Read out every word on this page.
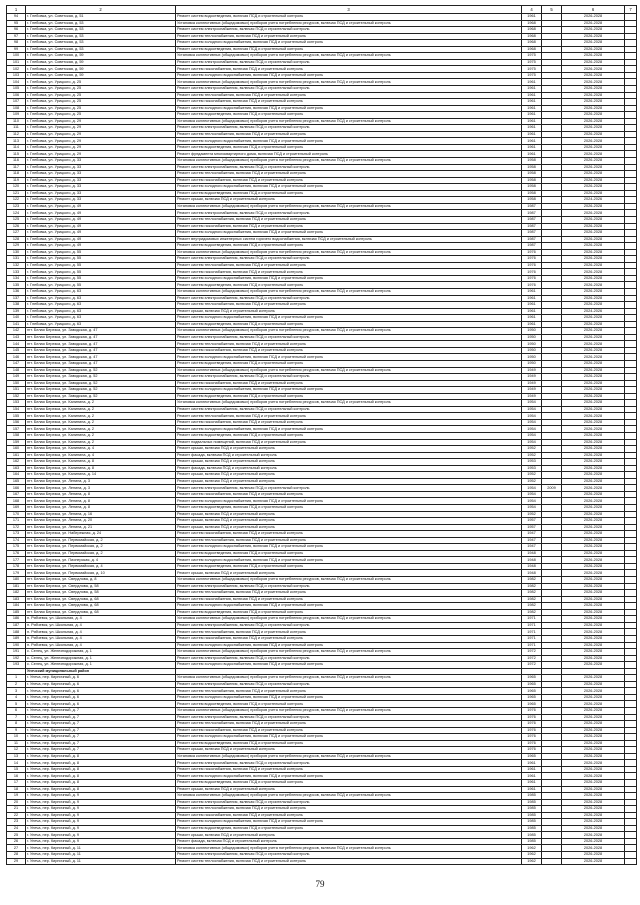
1	2	3	4	5	6	7
94	г. Глебовка, ул. Советская, д. 51	Ремонт систем водоотведения, включая ПСД и строительный контроль	1961		2026-2028	
95	г. Глебовка, ул. Советская, д. 53	Установка коллективных (общедомовых) приборов учета потребления ресурсов, включая ПСД и строительный контроль	1968		2026-2028	
96	г. Глебовка, ул. Советская, д. 53	Ремонт систем электроснабжения, включая ПСД и строительный контроль	1968		2026-2028	
97	г. Глебовка, ул. Советская, д. 53	Ремонт систем теплоснабжения, включая ПСД и строительный контроль	1968		2026-2028	
98	г. Глебовка, ул. Советская, д. 53	Ремонт систем холодного водоснабжения, включая ПСД и строительный контроль	1968		2026-2028	
99	г. Глебовка, ул. Советская, д. 53	Ремонт систем водоотведения, включая ПСД и строительный контроль	1968		2026-2028	
100	г. Глебовка, ул. Советская, д. 59	Установка коллективных (общедомовых) приборов учета потребления ресурсов, включая ПСД и строительный контроль	1975		2026-2028	
101	г. Глебовка, ул. Советская, д. 59	Ремонт систем электроснабжения, включая ПСД и строительный контроль	1975		2026-2028	
102	г. Глебовка, ул. Советская, д. 59	Ремонт систем газоснабжения, включая ПСД и строительный контроль	1975		2026-2028	
103	г. Глебовка, ул. Советская, д. 59	Ремонт систем холодного водоснабжения, включая ПСД и строительный контроль	1975		2026-2028	
104	г. Глебовка, ул. Урицкого, д. 25	Установка коллективных (общедомовых) приборов учета потребления ресурсов, включая ПСД и строительный контроль	1961		2026-2028	
105	г. Глебовка, ул. Урицкого, д. 25	Ремонт систем электроснабжения, включая ПСД и строительный контроль	1961		2026-2028	
106	г. Глебовка, ул. Урицкого, д. 25	Ремонт систем теплоснабжения, включая ПСД и строительный контроль	1961		2026-2028	
107	г. Глебовка, ул. Урицкого, д. 25	Ремонт систем газоснабжения, включая ПСД и строительный контроль	1961		2026-2028	
108	г. Глебовка, ул. Урицкого, д. 25	Ремонт систем холодного водоснабжения, включая ПСД и строительный контроль	1961		2026-2028	
109	г. Глебовка, ул. Урицкого, д. 25	Ремонт систем водоотведения, включая ПСД и строительный контроль	1961		2026-2028	
110	г. Глебовка, ул. Урицкого, д. 29	Установка коллективных (общедомовых) приборов учета потребления ресурсов, включая ПСД и строительный контроль	1961		2026-2028	
111	г. Глебовка, ул. Урицкого, д. 29	Ремонт систем электроснабжения, включая ПСД и строительный контроль	1961		2026-2028	
112	г. Глебовка, ул. Урицкого, д. 29	Ремонт систем теплоснабжения, включая ПСД и строительный контроль	1961		2026-2028	
113	г. Глебовка, ул. Урицкого, д. 29	Ремонт систем холодного водоснабжения, включая ПСД и строительный контроль	1961		2026-2028	
114	г. Глебовка, ул. Урицкого, д. 29	Ремонт систем водоотведения, включая ПСД и строительный контроль	1961		2026-2028	
115	г. Глебовка, ул. Урицкого, д. 29	Ремонт фундамента многоквартирного дома, включая ПСД и строительный контроль	1961		2026-2028	
116	г. Глебовка, ул. Урицкого, д. 33	Установка коллективных (общедомовых) приборов учета потребления ресурсов, включая ПСД и строительный контроль	1958		2026-2028	
117	г. Глебовка, ул. Урицкого, д. 33	Ремонт систем электроснабжения, включая ПСД и строительный контроль	1958		2026-2028	
118	г. Глебовка, ул. Урицкого, д. 33	Ремонт систем теплоснабжения, включая ПСД и строительный контроль	1958		2026-2028	
119	г. Глебовка, ул. Урицкого, д. 33	Ремонт систем газоснабжения, включая ПСД и строительный контроль	1958		2026-2028	
120	г. Глебовка, ул. Урицкого, д. 33	Ремонт систем холодного водоснабжения, включая ПСД и строительный контроль	1958		2026-2028	
121	г. Глебовка, ул. Урицкого, д. 33	Ремонт систем водоотведения, включая ПСД и строительный контроль	1958		2026-2028	
122	г. Глебовка, ул. Урицкого, д. 33	Ремонт крыши, включая ПСД и строительный контроль	1958		2024-2026	
123	г. Глебовка, ул. Урицкого, д. 49	Установка коллективных (общедомовых) приборов учета потребления ресурсов, включая ПСД и строительный контроль	1987		2026-2028	
124	г. Глебовка, ул. Урицкого, д. 49	Ремонт систем электроснабжения, включая ПСД и строительный контроль	1987		2026-2028	
125	г. Глебовка, ул. Урицкого, д. 49	Ремонт систем теплоснабжения, включая ПСД и строительный контроль	1987		2026-2028	
126	г. Глебовка, ул. Урицкого, д. 49	Ремонт систем газоснабжения, включая ПСД и строительный контроль	1987		2026-2028	
127	г. Глебовка, ул. Урицкого, д. 49	Ремонт систем холодного водоснабжения, включая ПСД и строительный контроль	1987		2026-2028	
128	г. Глебовка, ул. Урицкого, д. 49	Ремонт внутридомовых инженерных систем горячего водоснабжения, включая ПСД и строительный контроль	1987		2026-2028	
129	г. Глебовка, ул. Урицкого, д. 49	Ремонт систем водоотведения, включая ПСД и строительный контроль	1987		2026-2028	
130	г. Глебовка, ул. Урицкого, д. 55	Установка коллективных (общедомовых) приборов учета потребления ресурсов, включая ПСД и строительный контроль	1976		2026-2028	
131	г. Глебовка, ул. Урицкого, д. 55	Ремонт систем электроснабжения, включая ПСД и строительный контроль	1976		2026-2028	
132	г. Глебовка, ул. Урицкого, д. 55	Ремонт систем теплоснабжения, включая ПСД и строительный контроль	1976		2026-2028	
133	г. Глебовка, ул. Урицкого, д. 55	Ремонт систем газоснабжения, включая ПСД и строительный контроль	1976		2026-2028	
134	г. Глебовка, ул. Урицкого, д. 55	Ремонт систем холодного водоснабжения, включая ПСД и строительный контроль	1976		2026-2028	
135	г. Глебовка, ул. Урицкого, д. 55	Ремонт систем водоотведения, включая ПСД и строительный контроль	1976		2026-2028	
136	г. Глебовка, ул. Урицкого, д. 63	Установка коллективных (общедомовых) приборов учета потребления ресурсов, включая ПСД и строительный контроль	1961		2026-2028	
137	г. Глебовка, ул. Урицкого, д. 63	Ремонт систем электроснабжения, включая ПСД и строительный контроль	1961		2026-2028	
138	г. Глебовка, ул. Урицкого, д. 63	Ремонт систем теплоснабжения, включая ПСД и строительный контроль	1961		2026-2028	
139	г. Глебовка, ул. Урицкого, д. 63	Ремонт крыши, включая ПСД и строительный контроль	1961		2024-2026	
140	г. Глебовка, ул. Урицкого, д. 63	Ремонт систем холодного водоснабжения, включая ПСД и строительный контроль	1961		2026-2028	
141	г. Глебовка, ул. Урицкого, д. 63	Ремонт систем водоотведения, включая ПСД и строительный контроль	1961		2026-2028	
142	пгт. Белая Березка, ул. Заводская, д. 47	Установка коллективных (общедомовых) приборов учета потребления ресурсов, включая ПСД и строительный контроль	1950		2026-2028	
143	пгт. Белая Березка, ул. Заводская, д. 47	Ремонт систем электроснабжения, включая ПСД и строительный контроль	1950		2026-2028	
144	пгт. Белая Березка, ул. Заводская, д. 47	Ремонт систем теплоснабжения, включая ПСД и строительный контроль	1950		2026-2028	
145	пгт. Белая Березка, ул. Заводская, д. 47	Ремонт систем газоснабжения, включая ПСД и строительный контроль	1950		2026-2028	
146	пгт. Белая Березка, ул. Заводская, д. 47	Ремонт систем холодного водоснабжения, включая ПСД и строительный контроль	1950		2026-2028	
147	пгт. Белая Березка, ул. Заводская, д. 47	Ремонт систем водоотведения, включая ПСД и строительный контроль	1950		2026-2028	
148	пгт. Белая Березка, ул. Заводская, д. 52	Установка коллективных (общедомовых) приборов учета потребления ресурсов, включая ПСД и строительный контроль	1949		2026-2028	
149	пгт. Белая Березка, ул. Заводская, д. 52	Ремонт систем электроснабжения, включая ПСД и строительный контроль	1949		2026-2028	
150	пгт. Белая Березка, ул. Заводская, д. 52	Ремонт систем газоснабжения, включая ПСД и строительный контроль	1949		2026-2028	
151	пгт. Белая Березка, ул. Заводская, д. 52	Ремонт систем холодного водоснабжения, включая ПСД и строительный контроль	1949		2026-2028	
152	пгт. Белая Березка, ул. Заводская, д. 52	Ремонт систем водоотведения, включая ПСД и строительный контроль	1949		2026-2028	
153	пгт. Белая Березка, ул. Калинина, д. 2	Установка коллективных (общедомовых) приборов учета потребления ресурсов, включая ПСД и строительный контроль	1954		2026-2028	
154	пгт. Белая Березка, ул. Калинина, д. 2	Ремонт систем электроснабжения, включая ПСД и строительный контроль	1954		2026-2028	
155	пгт. Белая Березка, ул. Калинина, д. 2	Ремонт систем теплоснабжения, включая ПСД и строительный контроль	1954		2026-2028	
156	пгт. Белая Березка, ул. Калинина, д. 2	Ремонт систем газоснабжения, включая ПСД и строительный контроль	1954		2026-2028	
157	пгт. Белая Березка, ул. Калинина, д. 2	Ремонт систем холодного водоснабжения, включая ПСД и строительный контроль	1954		2026-2028	
158	пгт. Белая Березка, ул. Калинина, д. 2	Ремонт систем водоотведения, включая ПСД и строительный контроль	1954		2026-2028	
159	пгт. Белая Березка, ул. Калинина, д. 2	Ремонт подвальных помещений, включая ПСД и строительный контроль	1954		2026-2028	
160	пгт. Белая Березка, ул. Калинина, д. 4	Ремонт крыши, включая ПСД и строительный контроль	1952		2026-2028	
161	пгт. Белая Березка, ул. Калинина, д. 4	Ремонт фасада, включая ПСД и строительный контроль	1952		2026-2028	
162	пгт. Белая Березка, ул. Калинина, д. 8	Ремонт крыши, включая ПСД и строительный контроль	1953		2026-2028	
163	пгт. Белая Березка, ул. Калинина, д. 8	Ремонт фасада, включая ПСД и строительный контроль	1953		2026-2028	
164	пгт. Белая Березка, ул. Калинина, д. 14	Ремонт крыши, включая ПСД и строительный контроль	1952		2026-2028	
165	пгт. Белая Березка, ул. Ленина, д. 3	Ремонт крыши, включая ПСД и строительный контроль	1952		2026-2028	
166	пгт. Белая Березка, ул. Ленина, д. 3	Ремонт систем электроснабжения, включая ПСД и строительный контроль	1954	2009	2026-2028	
167	пгт. Белая Березка, ул. Ленина, д. 8	Ремонт систем газоснабжения, включая ПСД и строительный контроль	1954		2026-2028	
168	пгт. Белая Березка, ул. Ленина, д. 8	Ремонт систем холодного водоснабжения, включая ПСД и строительный контроль	1954		2026-2028	
169	пгт. Белая Березка, ул. Ленина, д. 8	Ремонт систем водоотведения, включая ПСД и строительный контроль	1954		2026-2028	
170	пгт. Белая Березка, ул. Ленина, д. 16	Ремонт крыши, включая ПСД и строительный контроль	1952		2026-2028	
171	пгт. Белая Березка, ул. Ленина, д. 20	Ремонт крыши, включая ПСД и строительный контроль	1957		2026-2028	
172	пгт. Белая Березка, ул. Ленина, д. 21	Ремонт крыши, включая ПСД и строительный контроль	1957		2026-2028	
173	пгт. Белая Березка, ул. Набережная, д. 24	Ремонт систем газоснабжения, включая ПСД и строительный контроль	1947		2026-2028	
174	пгт. Белая Березка, ул. Первомайская, д. 2	Ремонт систем теплоснабжения, включая ПСД и строительный контроль	1947		2026-2028	
175	пгт. Белая Березка, ул. Первомайская, д. 2	Ремонт систем холодного водоснабжения, включая ПСД и строительный контроль	1947		2026-2028	
176	пгт. Белая Березка, ул. Первомайская, д. 2	Ремонт систем водоотведения, включая ПСД и строительный контроль	1948		2026-2028	
177	пгт. Белая Березка, ул. Пионерская, д. 4	Ремонт систем холодного водоснабжения, включая ПСД и строительный контроль	1948		2026-2028	
178	пгт. Белая Березка, ул. Первомайская, д. 4	Ремонт систем водоотведения, включая ПСД и строительный контроль	1948		2026-2028	
179	пгт. Белая Березка, ул. Первомайская, д. 10	Ремонт крыши, включая ПСД и строительный контроль	1948		2026-2028	
180	пгт. Белая Березка, ул. Свердлова, д. 8	Установка коллективных (общедомовых) приборов учета потребления ресурсов, включая ПСД и строительный контроль	1982		2026-2028	
181	пгт. Белая Березка, ул. Свердлова, д. 58	Ремонт систем электроснабжения, включая ПСД и строительный контроль	1982		2026-2028	
182	пгт. Белая Березка, ул. Свердлова, д. 58	Ремонт систем теплоснабжения, включая ПСД и строительный контроль	1982		2026-2028	
183	пгт. Белая Березка, ул. Свердлова, д. 68	Ремонт систем газоснабжения, включая ПСД и строительный контроль	1982		2026-2028	
184	пгт. Белая Березка, ул. Свердлова, д. 68	Ремонт систем холодного водоснабжения, включая ПСД и строительный контроль	1982		2026-2028	
185	пгт. Белая Березка, ул. Свердлова, д. 68	Ремонт систем водоотведения, включая ПСД и строительный контроль	1982		2026-2028	
186	п. Рябчевск, ул. Школьная, д. 4	Установка коллективных (общедомовых) приборов учета потребления ресурсов, включая ПСД и строительный контроль	1971		2026-2028	
187	п. Рябчевск, ул. Школьная, д. 4	Ремонт систем электроснабжения, включая ПСД и строительный контроль	1971		2026-2028	
188	п. Рябчевск, ул. Школьная, д. 4	Ремонт систем теплоснабжения, включая ПСД и строительный контроль	1971		2026-2028	
189	п. Рябчевск, ул. Школьная, д. 4	Ремонт систем газоснабжения, включая ПСД и строительный контроль	1971		2026-2028	
190	п. Рябчевск, ул. Школьная, д. 4	Ремонт систем холодного водоснабжения, включая ПСД и строительный контроль	1971		2026-2028	
191	с. Селец, ул. Железнодорожная, д. 1	Установка коллективных (общедомовых) приборов учета потребления ресурсов, включая ПСД и строительный контроль	1972		2026-2028	
192	с. Селец, ул. Железнодорожная, д. 1	Ремонт систем электроснабжения, включая ПСД и строительный контроль	1972		2026-2028	
193	с. Селец, ул. Железнодорожная, д. 1	Ремонт систем холодного водоснабжения, включая ПСД и строительный контроль	1972		2026-2028	
	Унечский муниципальный район					
1	г. Унеча, пер. Кирпичный, д. 6	Установка коллективных (общедомовых) приборов учета потребления ресурсов, включая ПСД и строительный контроль	1965		2026-2028	
2	г. Унеча, пер. Кирпичный, д. 6	Ремонт систем электроснабжения, включая ПСД и строительный контроль	1965		2026-2028	
3	г. Унеча, пер. Кирпичный, д. 6	Ремонт систем теплоснабжения, включая ПСД и строительный контроль	1965		2026-2028	
4	г. Унеча, пер. Кирпичный, д. 6	Ремонт систем холодного водоснабжения, включая ПСД и строительный контроль	1965		2026-2028	
5	г. Унеча, пер. Кирпичный, д. 6	Ремонт систем водоотведения, включая ПСД и строительный контроль	1965		2026-2028	
6	г. Унеча, пер. Кирпичный, д. 7	Установка коллективных (общедомовых) приборов учета потребления ресурсов, включая ПСД и строительный контроль	1976		2026-2028	
7	г. Унеча, пер. Кирпичный, д. 7	Ремонт систем электроснабжения, включая ПСД и строительный контроль	1976		2026-2028	
8	г. Унеча, пер. Кирпичный, д. 7	Ремонт систем теплоснабжения, включая ПСД и строительный контроль	1976		2026-2028	
9	г. Унеча, пер. Кирпичный, д. 7	Ремонт систем газоснабжения, включая ПСД и строительный контроль	1976		2026-2028	
10	г. Унеча, пер. Кирпичный, д. 7	Ремонт систем холодного водоснабжения, включая ПСД и строительный контроль	1976		2026-2028	
11	г. Унеча, пер. Кирпичный, д. 7	Ремонт систем водоотведения, включая ПСД и строительный контроль	1976		2026-2028	
12	г. Унеча, пер. Кирпичный, д. 7	Ремонт крыши, включая ПСД и строительный контроль	1976		2026-2028	
13	г. Унеча, пер. Кирпичный, д. 8	Установка коллективных (общедомовых) приборов учета потребления ресурсов, включая ПСД и строительный контроль	1965		2026-2028	
14	г. Унеча, пер. Кирпичный, д. 8	Ремонт систем электроснабжения, включая ПСД и строительный контроль	1961		2026-2028	
15	г. Унеча, пер. Кирпичный, д. 8	Ремонт систем газоснабжения, включая ПСД и строительный контроль	1961		2026-2028	
16	г. Унеча, пер. Кирпичный, д. 8	Ремонт систем холодного водоснабжения, включая ПСД и строительный контроль	1961		2026-2028	
17	г. Унеча, пер. Кирпичный, д. 8	Ремонт систем водоотведения, включая ПСД и строительный контроль	1961		2026-2028	
18	г. Унеча, пер. Кирпичный, д. 8	Ремонт крыши, включая ПСД и строительный контроль	1961		2026-2028	
19	г. Унеча, пер. Кирпичный, д. 9	Установка коллективных (общедомовых) приборов учета потребления ресурсов, включая ПСД и строительный контроль	1985		2026-2028	
20	г. Унеча, пер. Кирпичный, д. 9	Ремонт систем электроснабжения, включая ПСД и строительный контроль	1985		2026-2028	
21	г. Унеча, пер. Кирпичный, д. 9	Ремонт систем теплоснабжения, включая ПСД и строительный контроль	1985		2026-2028	
22	г. Унеча, пер. Кирпичный, д. 9	Ремонт систем газоснабжения, включая ПСД и строительный контроль	1985		2026-2028	
23	г. Унеча, пер. Кирпичный, д. 9	Ремонт систем холодного водоснабжения, включая ПСД и строительный контроль	1985		2026-2028	
24	г. Унеча, пер. Кирпичный, д. 9	Ремонт систем водоотведения, включая ПСД и строительный контроль	1985		2026-2028	
25	г. Унеча, пер. Кирпичный, д. 9	Ремонт крыши, включая ПСД и строительный контроль	1985		2026-2028	
26	г. Унеча, пер. Кирпичный, д. 9	Ремонт фасада, включая ПСД и строительный контроль	1985		2026-2028	
27	г. Унеча, пер. Кирпичный, д. 11	Установка коллективных (общедомовых) приборов учета потребления ресурсов, включая ПСД и строительный контроль	1962		2026-2028	
28	г. Унеча, пер. Кирпичный, д. 11	Ремонт систем электроснабжения, включая ПСД и строительный контроль	1962		2026-2028	
29	г. Унеча, пер. Кирпичный, д. 11	Ремонт систем теплоснабжения, включая ПСД и строительный контроль	1962		2026-2028	
79
